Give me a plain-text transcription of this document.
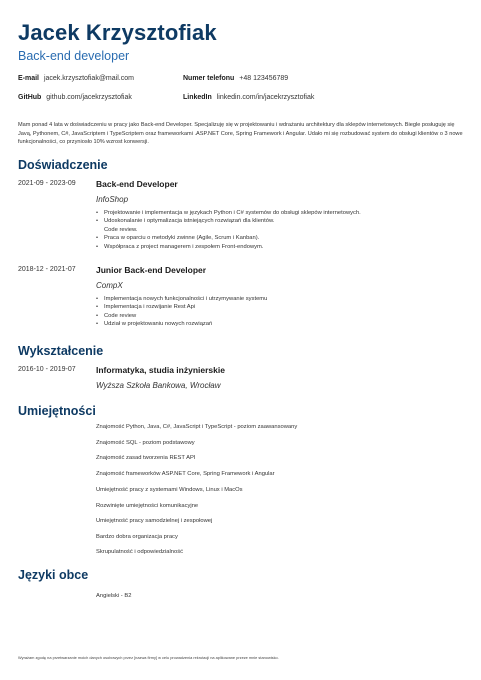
Jacek Krzysztofiak
Back-end developer
E-mail jacek.krzysztofiak@mail.com	Numer telefonu +48 123456789
GitHub github.com/jacekrzysztofiak	LinkedIn linkedin.com/in/jacekrzysztofiak
Mam ponad 4 lata w doświadczeniu w pracy jako Back-end Developer. Specjalizuję się w projektowaniu i wdrażaniu architektury dla sklepów internetowych. Biegle posługuję się Javą, Pythonem, C#, JavaScriptem i TypeScriptem oraz frameworkami .ASP.NET Core, Spring Framework i Angular. Udało mi się rozbudować system do obsługi klientów o 3 nowe funkcjonalności, co przyniosło 10% wzrost konwersji.
Doświadczenie
2021-09 - 2023-09 Back-end Developer
InfoShop
• Projektowanie i implementacja w językach Python i C# systemów do obsługi sklepów internetowych.
• Udoskonalanie i optymalizacja istniejących rozwiązań dla klientów.
Code review.
• Praca w oparciu o metodyki zwinne (Agile, Scrum i Kanban).
• Współpraca z project managerem i zespołem Front-endowym.
2018-12 - 2021-07 Junior Back-end Developer
CompX
• Implementacja nowych funkcjonalności i utrzymywanie systemu
• Implementacja i rozwijanie Rest Api
• Code review
• Udział w projektowaniu nowych rozwiązań
Wykształcenie
2016-10 - 2019-07 Informatyka, studia inżynierskie
Wyższa Szkoła Bankowa, Wrocław
Umiejętności
Znajomość Python, Java, C#, JavaScript i TypeScript - poziom zaawansowany
Znajomość SQL - poziom podstawowy
Znajomość zasad tworzenia REST API
Znajomość frameworków ASP.NET Core, Spring Framework i Angular
Umiejętność pracy z systemami Windows, Linux i MacOs
Rozwinięte umiejętności komunikacyjne
Umiejętność pracy samodzielnej i zespołowej
Bardzo dobra organizacja pracy
Skrupulatność i odpowiedzialność
Języki obce
Angielski - B2
Wyrażam zgodę na przetwarzanie moich danych osobowych przez [nazwa firmy] w celu prowadzenia rekrutacji na aplikowane przeze mnie stanowisko.
